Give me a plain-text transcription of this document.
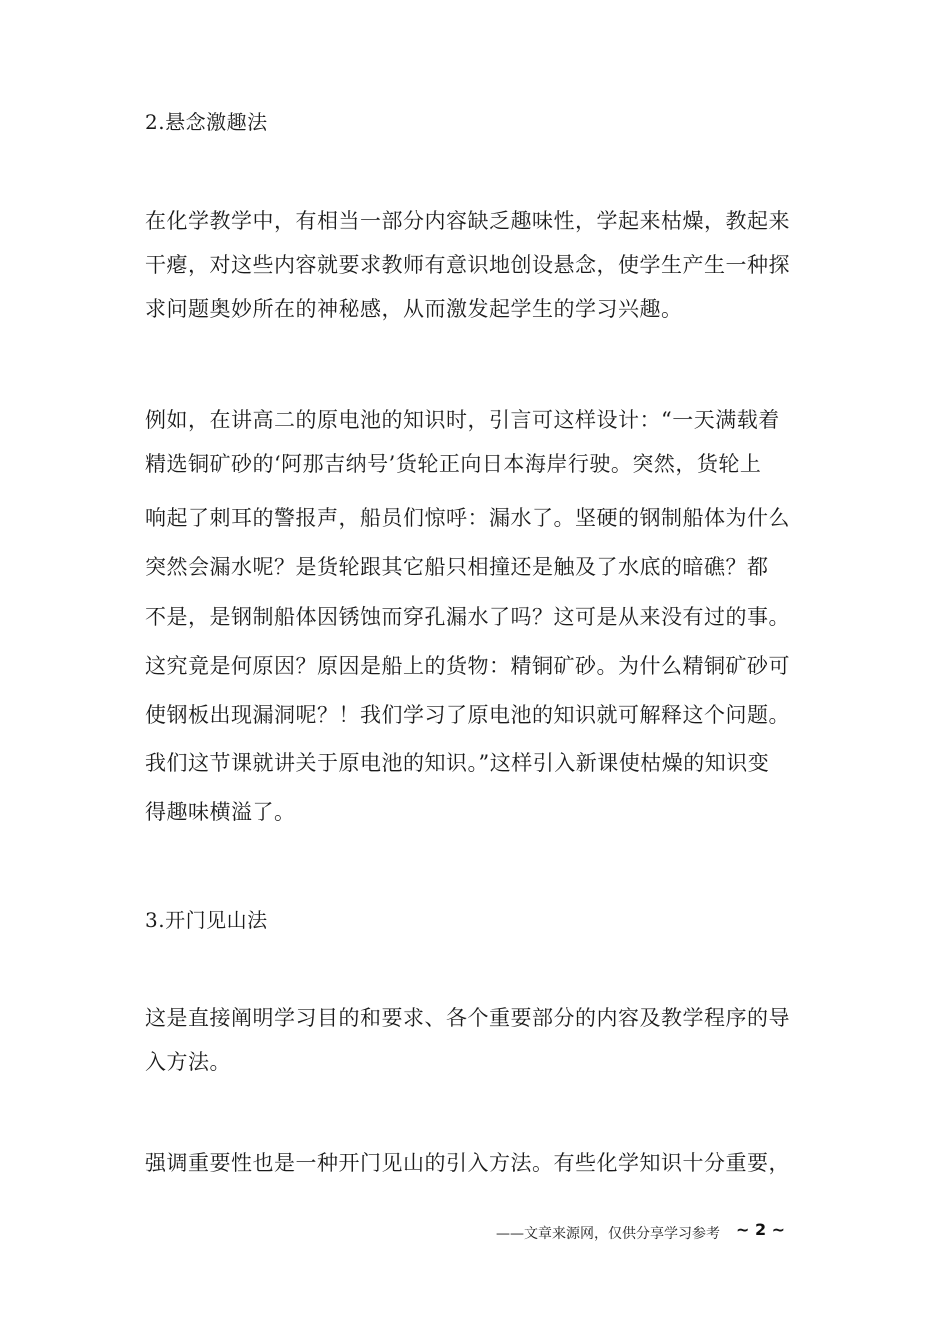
2.悬念激趣法
在化学教学中，有相当一部分内容缺乏趣味性，学起来枯燥，教起来
干瘪，对这些内容就要求教师有意识地创设悬念，使学生产生一种探
求问题奥妙所在的神秘感，从而激发起学生的学习兴趣。
例如，在讲高二的原电池的知识时，引言可这样设计：“一天满载着
精选铜矿砂的‘阿那吉纳号’货轮正向日本海岸行驶。突然，货轮上
响起了刺耳的警报声，船员们惊呼：漏水了。坚硬的钢制船体为什么
突然会漏水呢？是货轮跟其它船只相撞还是触及了水底的暗礁？都
不是，是钢制船体因锈蚀而穿孔漏水了吗？这可是从来没有过的事。
这究竟是何原因？原因是船上的货物：精铜矿砂。为什么精铜矿砂可
使钢板出现漏洞呢？！我们学习了原电池的知识就可解释这个问题。
我们这节课就讲关于原电池的知识。”这样引入新课使枯燥的知识变
得趣味横溢了。
3.开门见山法
这是直接阐明学习目的和要求、各个重要部分的内容及教学程序的导
入方法。
强调重要性也是一种开门见山的引入方法。有些化学知识十分重要，
——文章来源网，仅供分享学习参考 ~ 2 ~
